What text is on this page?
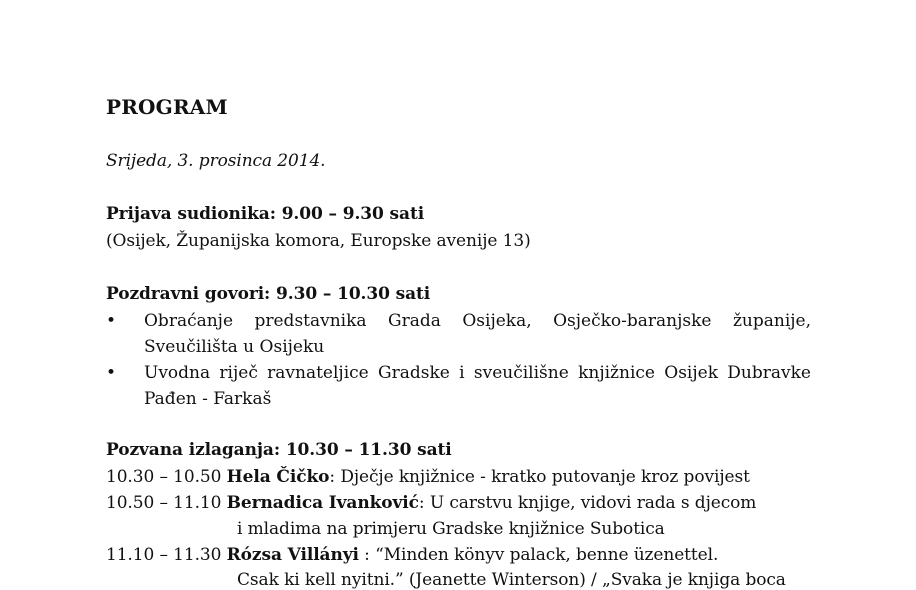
PROGRAM
Srijeda, 3. prosinca 2014.
Prijava sudionika: 9.00 – 9.30 sati
(Osijek, Županijska komora, Europske avenije 13)
Pozdravni govori: 9.30 – 10.30 sati
• Obraćanje predstavnika Grada Osijeka, Osječko-baranjske županije,
Sveučilišta u Osijeku
• Uvodna riječ ravnateljice Gradske i sveučilišne knjižnice Osijek Dubravke
Pađen - Farkaš
Pozvana izlaganja: 10.30 – 11.30 sati
10.30 – 10.50 Hela Čičko: Dječje knjižnice - kratko putovanje kroz povijest
10.50 – 11.10 Bernadica Ivanković: U carstvu knjige, vidovi rada s djecom
i mladima na primjeru Gradske knjižnice Subotica
11.10 – 11.30 Rózsa Villányi : “Minden könyv palack, benne üzenettel.
Csak ki kell nyitni.” (Jeanette Winterson) / „Svaka je knjiga boca
